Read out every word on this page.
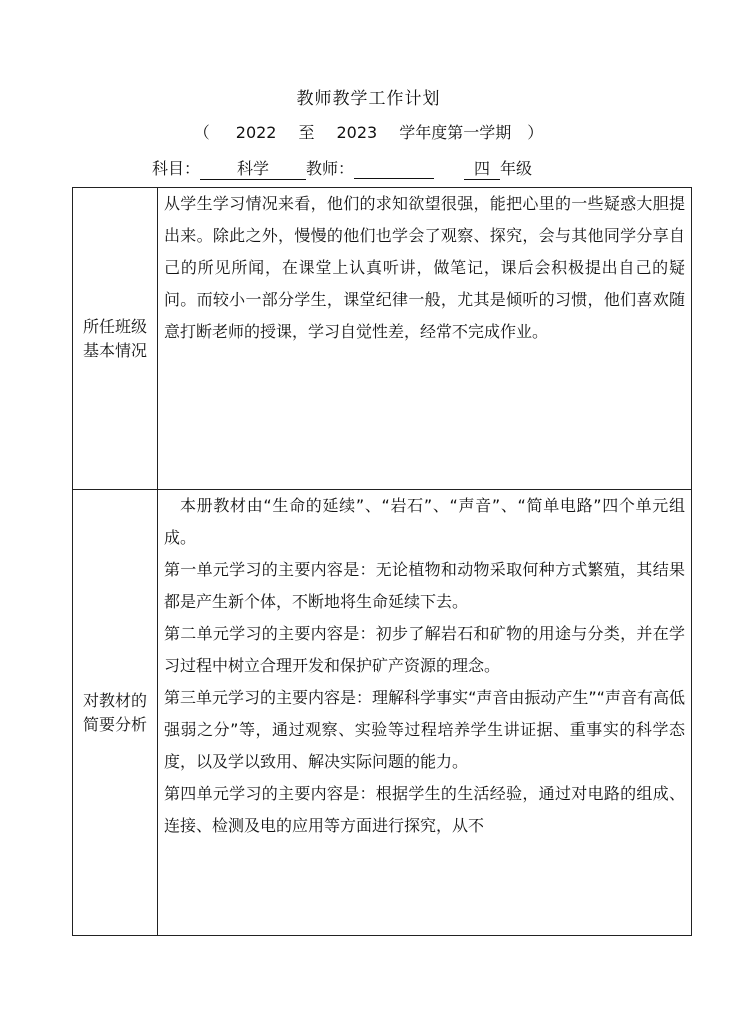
教师教学工作计划
（ 2022 至 2023 学年度第一学期 ）
科目： 科学 教师：	四 年级
所任班级基本情况	从学生学习情况来看，他们的求知欲望很强，能把心里的一些疑惑大胆提出来。除此之外，慢慢的他们也学会了观察、探究，会与其他同学分享自己的所见所闻，在课堂上认真听讲，做笔记，课后会积极提出自己的疑问。而较小一部分学生，课堂纪律一般，尤其是倾听的习惯，他们喜欢随意打断老师的授课，学习自觉性差，经常不完成作业。

对教材的简要分析	本册教材由“生命的延续”、“岩石”、“声音”、“简单电路”四个单元组成。

第一单元学习的主要内容是：无论植物和动物采取何种方式繁殖，其结果都是产生新个体，不断地将生命延续下去。

第二单元学习的主要内容是：初步了解岩石和矿物的用途与分类，并在学习过程中树立合理开发和保护矿产资源的理念。

第三单元学习的主要内容是：理解科学事实“声音由振动产生”“声音有高低强弱之分”等，通过观察、实验等过程培养学生讲证据、重事实的科学态度，以及学以致用、解决实际问题的能力。

第四单元学习的主要内容是：根据学生的生活经验，通过对电路的组成、连接、检测及电的应用等方面进行探究，从不
